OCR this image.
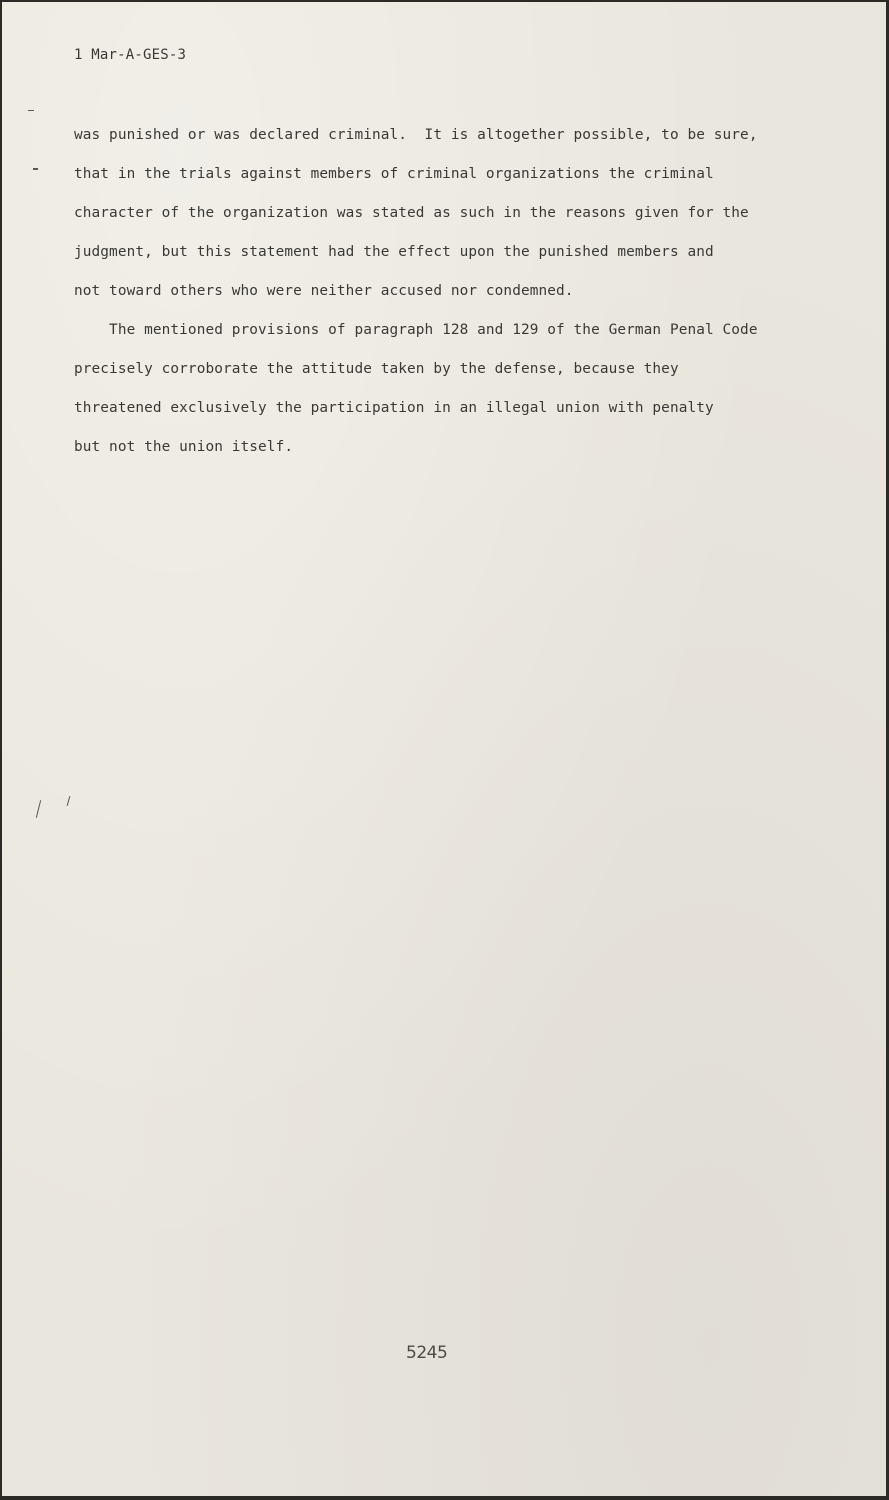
1 Mar-A-GES-3
was punished or was declared criminal.  It is altogether possible, to be sure,
that in the trials against members of criminal organizations the criminal
character of the organization was stated as such in the reasons given for the
judgment, but this statement had the effect upon the punished members and
not toward others who were neither accused nor condemned.
The mentioned provisions of paragraph 128 and 129 of the German Penal Code
precisely corroborate the attitude taken by the defense, because they
threatened exclusively the participation in an illegal union with penalty
but not the union itself.
5245
